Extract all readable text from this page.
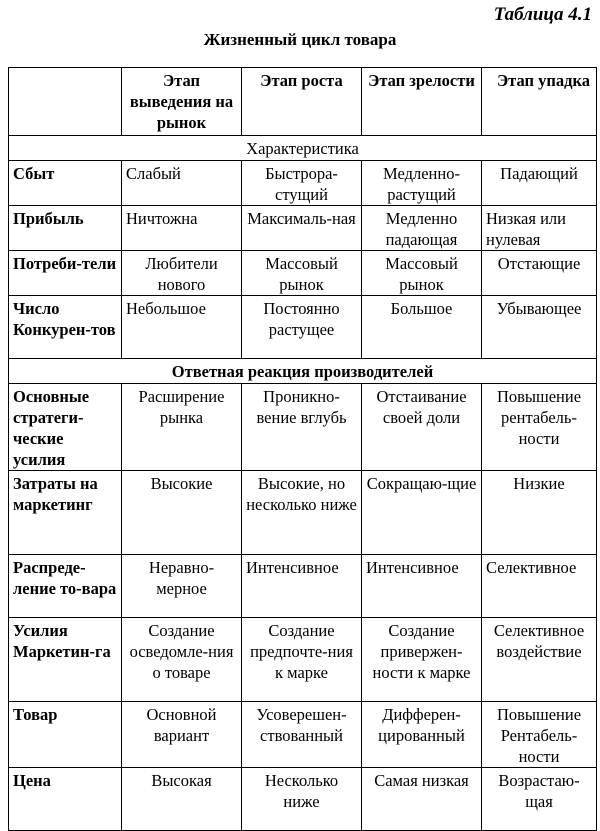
Таблица 4.1
Жизненный цикл товара
	Этап выведения на рынок	Этап роста	Этап зрелости	Этап упадка
Характеристика				
Сбыт	Слабый	Быстрора-стущий	Медленно-растущий	Падающий
Прибыль	Ничтожна	Максималь-ная	Медленно падающая	Низкая или нулевая
Потреби-тели	Любители нового	Массовый рынок	Массовый рынок	Отстающие
Число Конкурен-тов	Небольшое	Постоянно растущее	Большое	Убывающее
Ответная реакция производителей				
Основные стратеги-ческие усилия	Расширение рынка	Проникно-вение вглубь	Отстаивание своей доли	Повышение рентабель-ности
Затраты на маркетинг	Высокие	Высокие, но несколько ниже	Сокращаю-щие	Низкие
Распреде-ление то-вара	Неравно-мерное	Интенсивное	Интенсивное	Селективное
Усилия Маркетин-га	Создание осведомле-ния о товаре	Создание предпочте-ния к марке	Создание привержен-ности к марке	Селективное воздействие
Товар	Основной вариант	Усоверешен-ствованный	Дифферен-цированный	Повышение Рентабель-ности
Цена	Высокая	Несколько ниже	Самая низкая	Возрастаю-щая
